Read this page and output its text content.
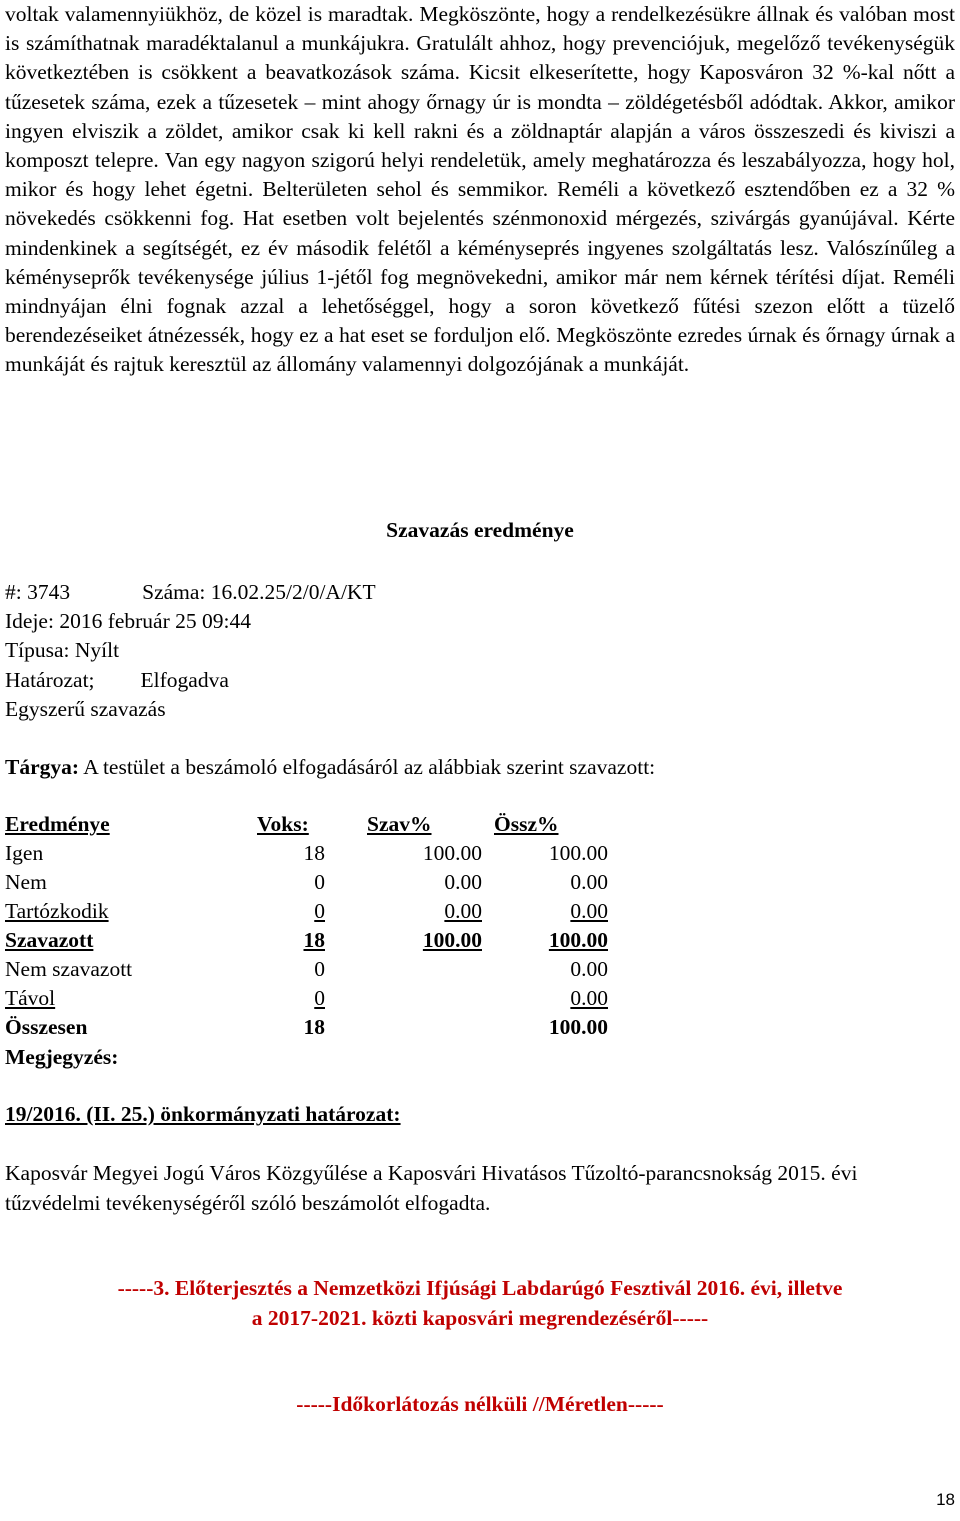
voltak valamennyiükhöz, de közel is maradtak. Megköszönte, hogy a rendelkezésükre állnak és valóban most is számíthatnak maradéktalanul a munkájukra. Gratulált ahhoz, hogy prevenciójuk, megelőző tevékenységük következtében is csökkent a beavatkozások száma. Kicsit elkeserítette, hogy Kaposváron 32 %-kal nőtt a tűzesetek száma, ezek a tűzesetek – mint ahogy őrnagy úr is mondta – zöldégetésből adódtak. Akkor, amikor ingyen elviszik a zöldet, amikor csak ki kell rakni és a zöldnaptár alapján a város összeszedi és kiviszi a komposzt telepre. Van egy nagyon szigorú helyi rendeletük, amely meghatározza és leszabályozza, hogy hol, mikor és hogy lehet égetni. Belterületen sehol és semmikor. Reméli a következő esztendőben ez a 32 % növekedés csökkenni fog. Hat esetben volt bejelentés szénmonoxid mérgezés, szivárgás gyanújával. Kérte mindenkinek a segítségét, ez év második felétől a kéményseprés ingyenes szolgáltatás lesz. Valószínűleg a kéményseprők tevékenysége július 1-jétől fog megnövekedni, amikor már nem kérnek térítési díjat. Reméli mindnyájan élni fognak azzal a lehetőséggel, hogy a soron következő fűtési szezon előtt a tüzelő berendezéseiket átnézessék, hogy ez a hat eset se forduljon elő. Megköszönte ezredes úrnak és őrnagy úrnak a munkáját és rajtuk keresztül az állomány valamennyi dolgozójának a munkáját.

Szavazás eredménye
#: 3743	Száma: 16.02.25/2/0/A/KT
Ideje: 2016 február 25 09:44
Típusa: Nyílt
Határozat; Elfogadva
Egyszerű szavazás
Tárgya: A testület a beszámoló elfogadásáról az alábbiak szerint szavazott:
Eredménye	Voks:	Szav%	Össz%
Igen	18	100.00	100.00
Nem	0	0.00	0.00
Tartózkodik	0	0.00	0.00
Szavazott	18	100.00	100.00
Nem szavazott	0		0.00
Távol	0		0.00
Összesen	18		100.00
Megjegyzés:
19/2016. (II. 25.) önkormányzati határozat:

Kaposvár Megyei Jogú Város Közgyűlése a Kaposvári Hivatásos Tűzoltó-parancsnokság 2015. évi tűzvédelmi tevékenységéről szóló beszámolót elfogadta.

-----3. Előterjesztés a Nemzetközi Ifjúsági Labdarúgó Fesztivál 2016. évi, illetve
a 2017-2021. közti kaposvári megrendezéséről-----
-----Időkorlátozás nélküli //Méretlen-----
18
